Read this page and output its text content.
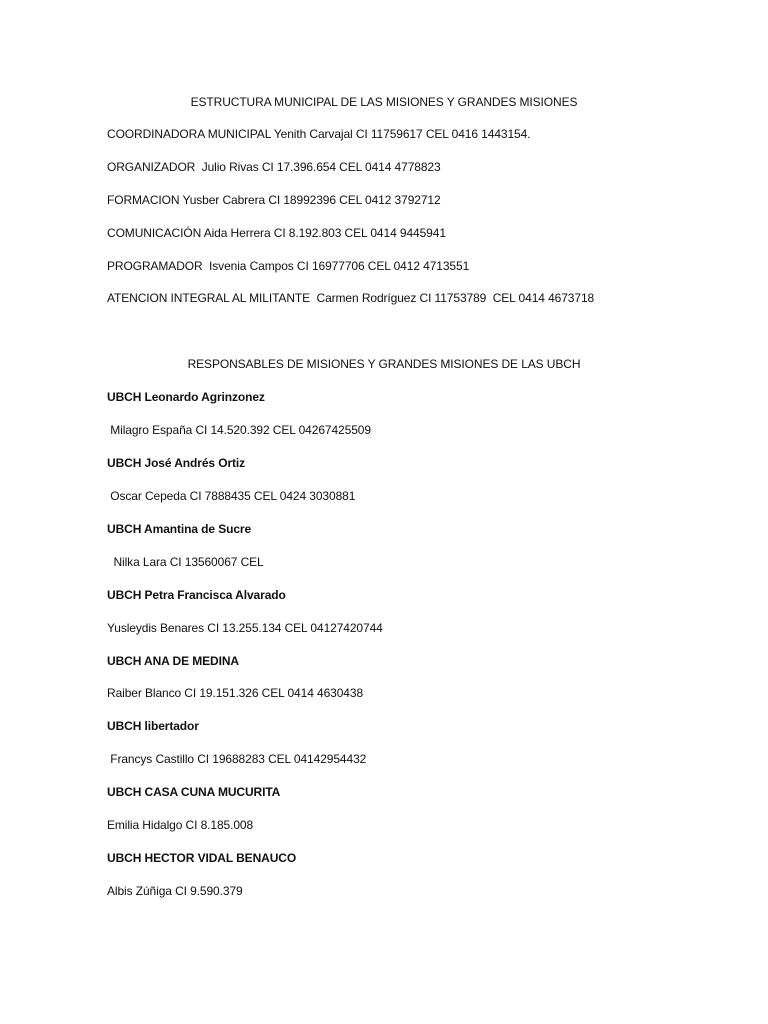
ESTRUCTURA MUNICIPAL DE LAS MISIONES Y GRANDES MISIONES
COORDINADORA MUNICIPAL Yenith Carvajal CI 11759617 CEL 0416 1443154.
ORGANIZADOR  Julio Rivas CI 17.396.654 CEL 0414 4778823
FORMACION Yusber Cabrera CI 18992396 CEL 0412 3792712
COMUNICACIÓN Aida Herrera CI 8.192.803 CEL 0414 9445941
PROGRAMADOR  Isvenia Campos CI 16977706 CEL 0412 4713551
ATENCION INTEGRAL AL MILITANTE  Carmen Rodríguez CI 11753789  CEL 0414 4673718
RESPONSABLES DE MISIONES Y GRANDES MISIONES DE LAS UBCH
UBCH Leonardo Agrinzonez
Milagro España CI 14.520.392 CEL 04267425509
UBCH José Andrés Ortiz
Oscar Cepeda CI 7888435 CEL 0424 3030881
UBCH Amantina de Sucre
Nilka Lara CI 13560067 CEL
UBCH Petra Francisca Alvarado
Yusleydis Benares CI 13.255.134 CEL 04127420744
UBCH ANA DE MEDINA
Raiber Blanco CI 19.151.326 CEL 0414 4630438
UBCH libertador
Francys Castillo CI 19688283 CEL 04142954432
UBCH CASA CUNA MUCURITA
Emilia Hidalgo CI 8.185.008
UBCH HECTOR VIDAL BENAUCO
Albis Zúñiga CI 9.590.379
